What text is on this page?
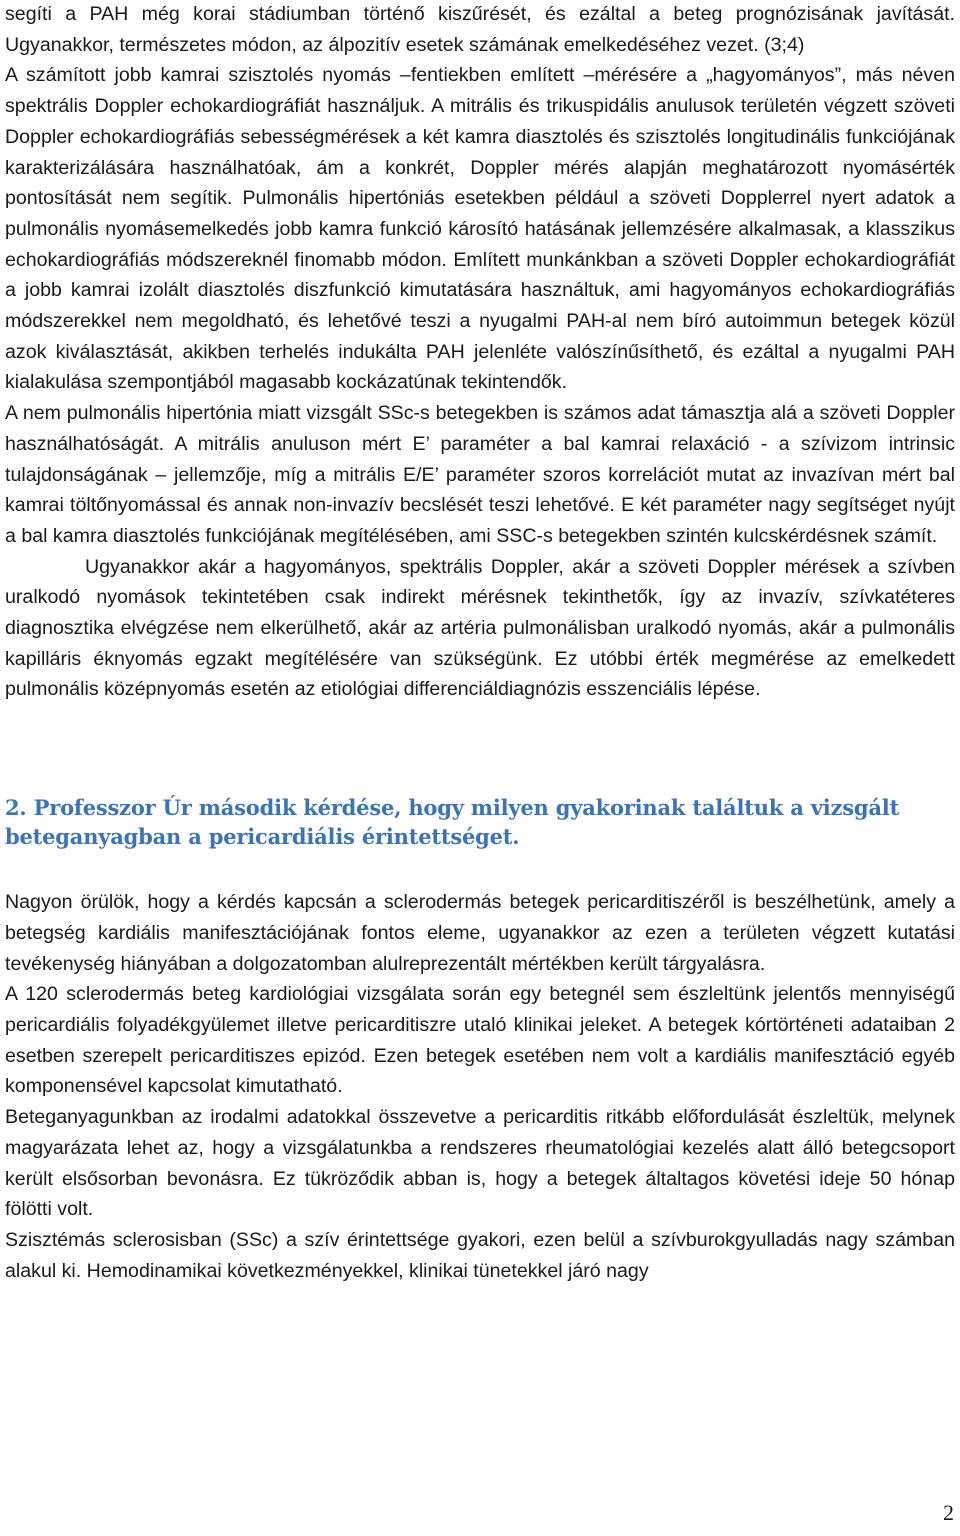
segíti a PAH még korai stádiumban történő kiszűrését, és ezáltal a beteg prognózisának javítását. Ugyanakkor, természetes módon, az álpozitív esetek számának emelkedéséhez vezet. (3;4)

A számított jobb kamrai szisztolés nyomás –fentiekben említett –mérésére a „hagyományos”, más néven spektrális Doppler echokardiográfiát használjuk. A mitrális és trikuspidális anulusok területén végzett szöveti Doppler echokardiográfiás sebességmérések a két kamra diasztolés és szisztolés longitudinális funkciójának karakterizálására használhatóak, ám a konkrét, Doppler mérés alapján meghatározott nyomásérték pontosítását nem segítik. Pulmonális hipertóniás esetekben például a szöveti Dopplerrel nyert adatok a pulmonális nyomásemelkedés jobb kamra funkció károsító hatásának jellemzésére alkalmasak, a klasszikus echokardiográfiás módszereknél finomabb módon. Említett munkánkban a szöveti Doppler echokardiográfiát a jobb kamrai izolált diasztolés diszfunkció kimutatására használtuk, ami hagyományos echokardiográfiás módszerekkel nem megoldható, és lehetővé teszi a nyugalmi PAH-al nem bíró autoimmun betegek közül azok kiválasztását, akikben terhelés indukálta PAH jelenléte valószínűsíthető, és ezáltal a nyugalmi PAH kialakulása szempontjából magasabb kockázatúnak tekintendők.

A nem pulmonális hipertónia miatt vizsgált SSc-s betegekben is számos adat támasztja alá a szöveti Doppler használhatóságát. A mitrális anuluson mért E’ paraméter a bal kamrai relaxáció - a szívizom intrinsic tulajdonságának – jellemzője, míg a mitrális E/E’ paraméter szoros korrelációt mutat az invazívan mért bal kamrai töltőnyomással és annak non-invazív becslését teszi lehetővé. E két paraméter nagy segítséget nyújt a bal kamra diasztolés funkciójának megítélésében, ami SSC-s betegekben szintén kulcskérdésnek számít.

Ugyanakkor akár a hagyományos, spektrális Doppler, akár a szöveti Doppler mérések a szívben uralkodó nyomások tekintetében csak indirekt mérésnek tekinthetők, így az invazív, szívkatéteres diagnosztika elvégzése nem elkerülhető, akár az artéria pulmonálisban uralkodó nyomás, akár a pulmonális kapilláris éknyomás egzakt megítélésére van szükségünk. Ez utóbbi érték megmérése az emelkedett pulmonális középnyomás esetén az etiológiai differenciáldiagnózis esszenciális lépése.

2. Professzor Úr második kérdése, hogy milyen gyakorinak találtuk a vizsgált beteganyagban a pericardiális érintettséget.

Nagyon örülök, hogy a kérdés kapcsán a sclerodermás betegek pericarditiszéről is beszélhetünk, amely a betegség kardiális manifesztációjának fontos eleme, ugyanakkor az ezen a területen végzett kutatási tevékenység hiányában a dolgozatomban alulreprezentált mértékben került tárgyalásra.

A 120 sclerodermás beteg kardiológiai vizsgálata során egy betegnél sem észleltünk jelentős mennyiségű pericardiális folyadékgyülemet illetve pericarditiszre utaló klinikai jeleket. A betegek kórtörténeti adataiban 2 esetben szerepelt pericarditiszes epizód. Ezen betegek esetében nem volt a kardiális manifesztáció egyéb komponensével kapcsolat kimutatható.

Beteganyagunkban az irodalmi adatokkal összevetve a pericarditis ritkább előfordulását észleltük, melynek magyarázata lehet az, hogy a vizsgálatunkba a rendszeres rheumatológiai kezelés alatt álló betegcsoport került elsősorban bevonásra. Ez tükröződik abban is, hogy a betegek általtagos követési ideje 50 hónap fölötti volt.

Szisztémás sclerosisban (SSc) a szív érintettsége gyakori, ezen belül a szívburokgyulladás nagy számban alakul ki. Hemodinamikai következményekkel, klinikai tünetekkel járó nagy

2
